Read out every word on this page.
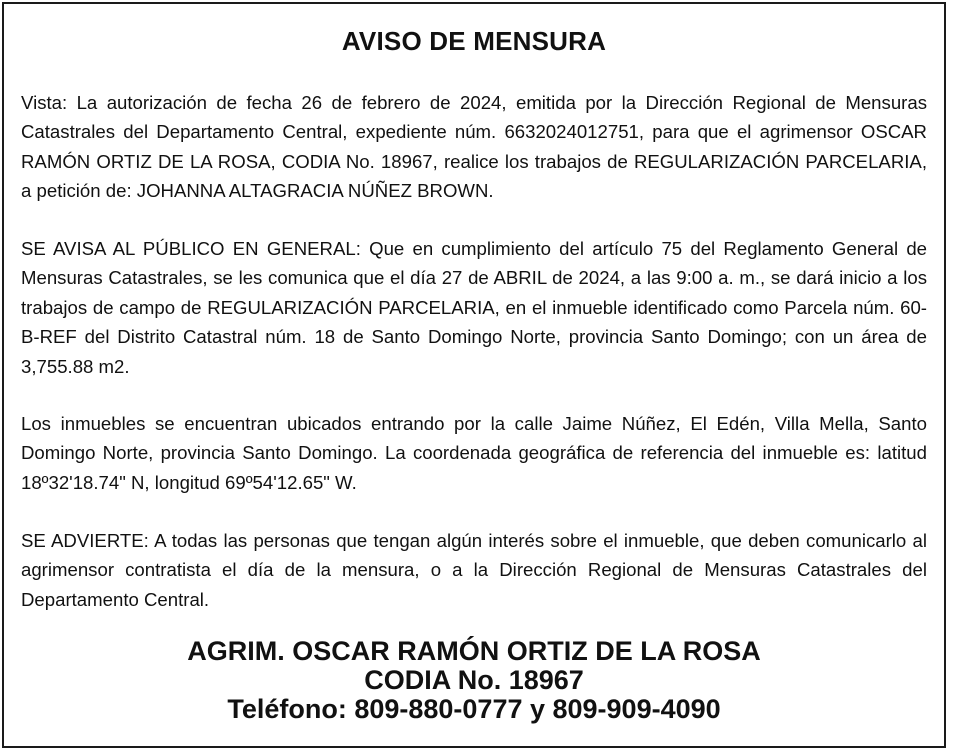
AVISO DE MENSURA

Vista: La autorización de fecha 26 de febrero de 2024, emitida por la Dirección Regional de Mensuras Catastrales del Departamento Central, expediente núm. 6632024012751, para que el agrimensor OSCAR RAMÓN ORTIZ DE LA ROSA, CODIA No. 18967, realice los trabajos de REGULARIZACIÓN PARCELARIA, a petición de: JOHANNA ALTAGRACIA NÚÑEZ BROWN.

SE AVISA AL PÚBLICO EN GENERAL: Que en cumplimiento del artículo 75 del Reglamento General de Mensuras Catastrales, se les comunica que el día 27 de ABRIL de 2024, a las 9:00 a. m., se dará inicio a los trabajos de campo de REGULARIZACIÓN PARCELARIA, en el inmueble identificado como Parcela núm. 60-B-REF del Distrito Catastral núm. 18 de Santo Domingo Norte, provincia Santo Domingo; con un área de 3,755.88 m2.

Los inmuebles se encuentran ubicados entrando por la calle Jaime Núñez, El Edén, Villa Mella, Santo Domingo Norte, provincia Santo Domingo. La coordenada geográfica de referencia del inmueble es: latitud 18º32'18.74" N, longitud 69º54'12.65" W.

SE ADVIERTE: A todas las personas que tengan algún interés sobre el inmueble, que deben comunicarlo al agrimensor contratista el día de la mensura, o a la Dirección Regional de Mensuras Catastrales del Departamento Central.

AGRIM. OSCAR RAMÓN ORTIZ DE LA ROSA
CODIA No. 18967
Teléfono: 809-880-0777 y 809-909-4090
